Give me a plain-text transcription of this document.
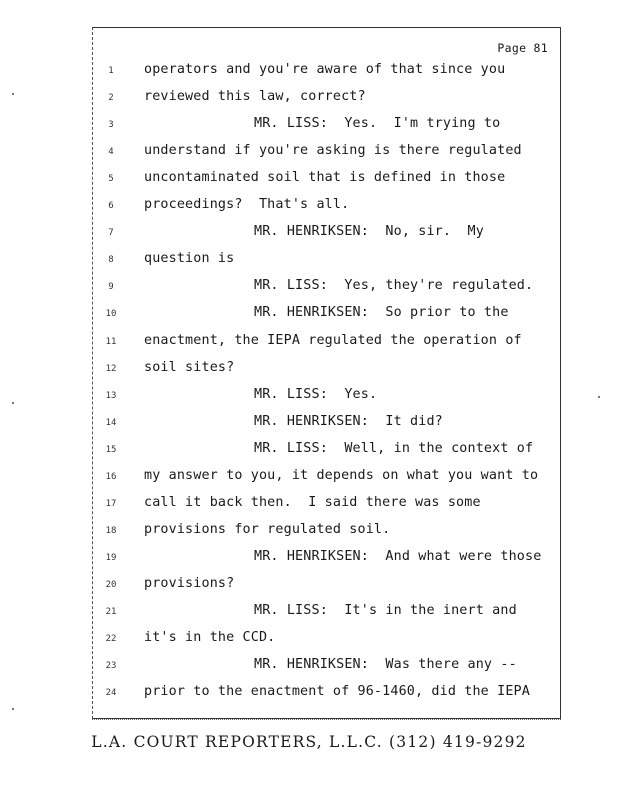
Page 81
1	operators and you're aware of that since you
2	reviewed this law, correct?
3	MR. LISS:  Yes.  I'm trying to
4	understand if you're asking is there regulated
5	uncontaminated soil that is defined in those
6	proceedings?  That's all.
7	MR. HENRIKSEN:  No, sir.  My
8	question is
9	MR. LISS:  Yes, they're regulated.
10	MR. HENRIKSEN:  So prior to the
11	enactment, the IEPA regulated the operation of
12	soil sites?
13	MR. LISS:  Yes.
14	MR. HENRIKSEN:  It did?
15	MR. LISS:  Well, in the context of
16	my answer to you, it depends on what you want to
17	call it back then.  I said there was some
18	provisions for regulated soil.
19	MR. HENRIKSEN:  And what were those
20	provisions?
21	MR. LISS:  It's in the inert and
22	it's in the CCD.
23	MR. HENRIKSEN:  Was there any --
24	prior to the enactment of 96-1460, did the IEPA
L.A. COURT REPORTERS, L.L.C. (312) 419-9292
